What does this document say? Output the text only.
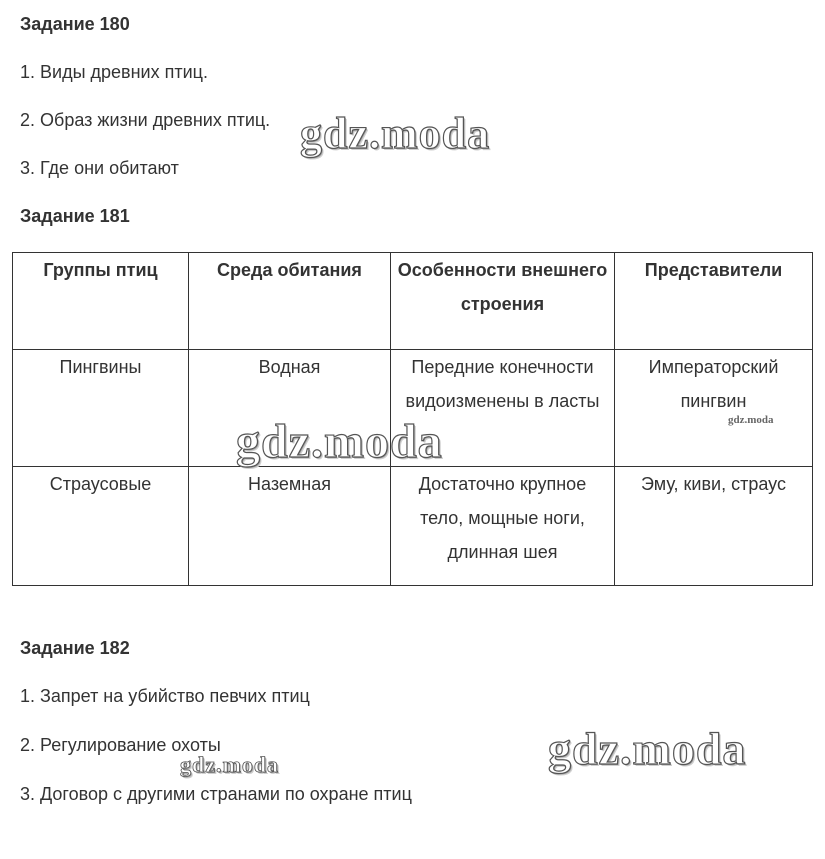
Задание 180
1. Виды древних птиц.
2. Образ жизни древних птиц.
3. Где они обитают
Задание 181
Группы птиц	Среда обитания	Особенности внешнего строения	Представители
Пингвины	Водная	Передние конечности видоизменены в ласты	Императорский пингвин
Страусовые	Наземная	Достаточно крупное тело, мощные ноги, длинная шея	Эму, киви, страус
Задание 182
1. Запрет на убийство певчих птиц
2. Регулирование охоты
3. Договор с другими странами по охране птиц
gdz.moda
gdz.moda	gdz.moda
gdz.moda
gdz.moda
